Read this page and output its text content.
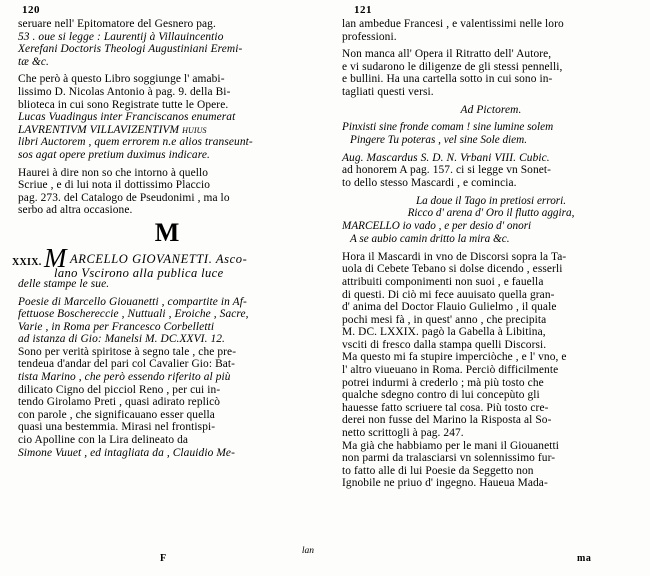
120	121
seruare nell' Epitomatore del Gesnero pag.
53 . oue si legge : Laurentij à Villauincentio
Xerefani Doctoris Theologi Augustiniani Eremi-
tæ &c.
Che però à questo Libro soggiunge l' amabi-
lissimo D. Nicolas Antonio à pag. 9. della Bi-
blioteca in cui sono Registrate tutte le Opere.
Lucas Vuadingus inter Franciscanos enumerat
LAVRENTIVM VILLAVIZENTIVM huius
libri Auctorem , quem errorem n.e alios transeunt-
sos agat opere pretium duximus indicare.
Haurei à dire non so che intorno à quello
Scriue , e di lui nota il dottissimo Placcio
pag. 273. del Catalogo de Pseudonimi , ma lo
serbo ad altra occasione.
M
XXIX. M ARCELLO GIOVANETTI. Asco-
lano Vscirono alla publica luce
delle stampe le sue.
Poesie di Marcello Giouanetti , compartite in Af-
fettuose Boschereccie , Nuttuali , Eroiche , Sacre,
Varie , in Roma per Francesco Corbelletti
ad istanza di Gio: Manelsi M. DC.XXVI. 12.
Sono per verità spiritose à segno tale , che pre-
tendeua d'andar del pari col Cavalier Gio: Bat-
tista Marino , che però essendo riferito al più
dilicato Cigno del picciol Reno , per cui in-
tendo Girolamo Preti , quasi adirato replicò
con parole , che significauano esser quella
quasi una bestemmia. Mirasi nel frontispi-
cio Apolline con la Lira delineato da
Simone Vuuet , ed intagliata da , Clauidio Me-
lan
F
lan ambedue Francesi , e valentissimi nelle loro
professioni.
Non manca all' Opera il Ritratto dell' Autore,
e vi sudarono le diligenze de gli stessi pennelli,
e bullini. Ha una cartella sotto in cui sono in-
tagliati questi versi.
Ad Pictorem.
Pinxisti sine fronde comam ! sine lumine solem
Pingere Tu poteras , vel sine Sole diem.
Aug. Mascardus S. D. N. Vrbani VIII. Cubic.
ad honorem A pag. 157. ci si legge vn Sonet-
to dello stesso Mascardi , e comincia.
La doue il Tago in pretiosi errori.
Ricco d' arena d' Oro il flutto aggira,
MARCELLO io vado , e per desio d' onori
A se aubio camin dritto la mira &c.
Hora il Mascardi in vno de Discorsi sopra la Ta-
uola di Cebete Tebano si dolse dicendo , esserli
attribuiti componimenti non suoi , e fauella
di questi. Di ciò mi fece auuisato quella gran-
d' anima del Doctor Flauio Gulielmo , il quale
pochi mesi fà , in quest' anno , che precipita
M. DC. LXXIX. pagò la Gabella à Libitina,
vsciti di fresco dalla stampa quelli Discorsi.
Ma questo mi fa stupire imperciòche , e l' vno, e
l' altro viueuano in Roma. Perciò difficilmente
potrei indurmi à crederlo ; mà più tosto che
qualche sdegno contro di lui concepùto gli
hauesse fatto scriuere tal cosa. Più tosto cre-
derei non fusse del Marino la Risposta al So-
netto scrittogli à pag. 247.
Ma già che habbiamo per le mani il Giouanetti
non parmi da tralasciarsi vn solennissimo fur-
to fatto alle di lui Poesie da Seggetto non
Ignobile ne priuo d' ingegno. Haueua Mada-
ma
